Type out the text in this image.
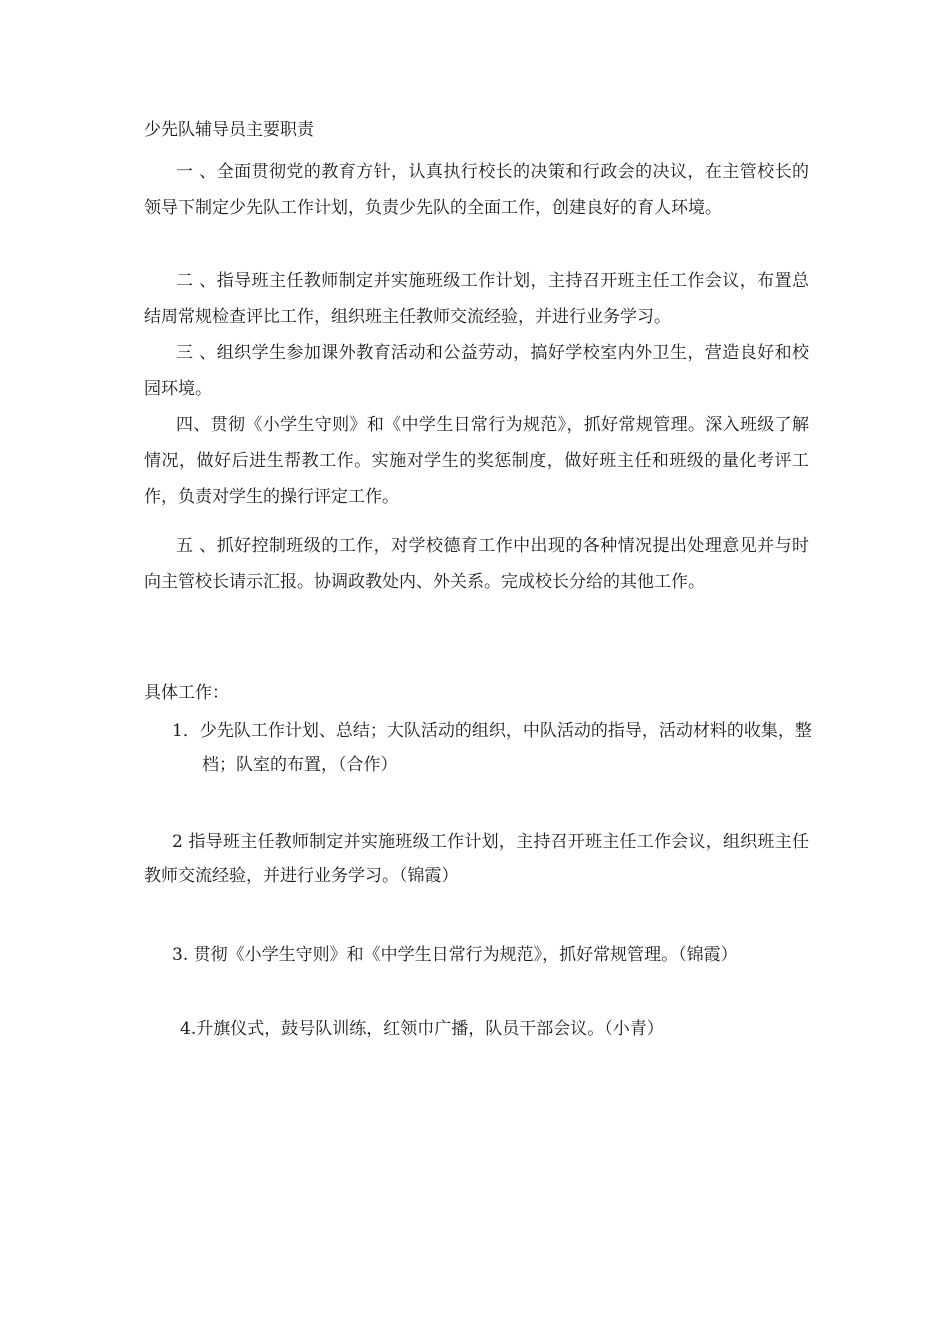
少先队辅导员主要职责

一 、全面贯彻党的教育方针，认真执行校长的决策和行政会的决议，在主管校长的领导下制定少先队工作计划，负责少先队的全面工作，创建良好的育人环境。

二 、指导班主任教师制定并实施班级工作计划，主持召开班主任工作会议，布置总结周常规检查评比工作，组织班主任教师交流经验，并进行业务学习。

三 、组织学生参加课外教育活动和公益劳动，搞好学校室内外卫生，营造良好和校园环境。

四、贯彻《小学生守则》和《中学生日常行为规范》，抓好常规管理。深入班级了解情况，做好后进生帮教工作。实施对学生的奖惩制度，做好班主任和班级的量化考评工作，负责对学生的操行评定工作。

五 、抓好控制班级的工作，对学校德育工作中出现的各种情况提出处理意见并与时向主管校长请示汇报。协调政教处内、外关系。完成校长分给的其他工作。

具体工作：

1．少先队工作计划、总结；大队活动的组织，中队活动的指导，活动材料的收集，整档；队室的布置，（合作）

2 指导班主任教师制定并实施班级工作计划，主持召开班主任工作会议，组织班主任教师交流经验，并进行业务学习。（锦霞）

3. 贯彻《小学生守则》和《中学生日常行为规范》，抓好常规管理。（锦霞）

4.升旗仪式，鼓号队训练，红领巾广播，队员干部会议。（小青）
